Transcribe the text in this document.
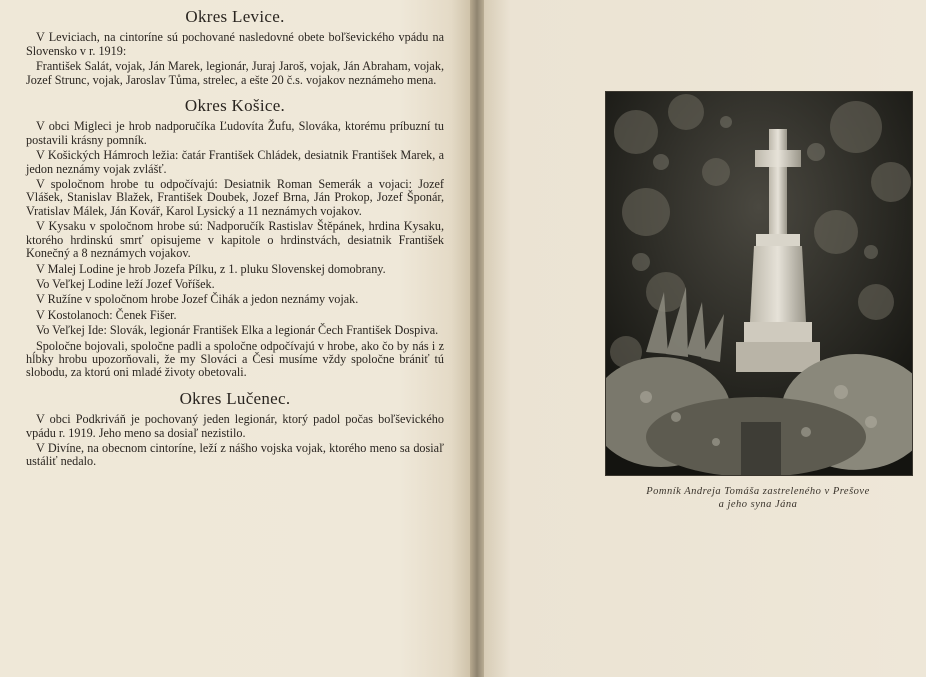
Okres Levice.

V Leviciach, na cintoríne sú pochované nasledovné obete boľševického vpádu na Slovensko v r. 1919:

František Salát, vojak, Ján Marek, legionár, Juraj Jaroš, vojak, Ján Abraham, vojak, Jozef Strunc, vojak, Jaroslav Tůma, strelec, a ešte 20 č.s. vojakov neznámeho mena.

Okres Košice.

V obci Migleci je hrob nadporučíka Ľudovíta Žufu, Slováka, ktorému príbuzní tu postavili krásny pomník.

V Košických Hámroch ležia: čatár František Chládek, desiatnik František Marek, a jedon neznámy vojak zvlášť.

V spoločnom hrobe tu odpočívajú: Desiatnik Roman Semerák a vojaci: Jozef Vlášek, Stanislav Blažek, František Doubek, Jozef Brna, Ján Prokop, Jozef Šponár, Vratislav Málek, Ján Kovář, Karol Lysický a 11 neznámych vojakov.

V Kysaku v spoločnom hrobe sú: Nadporučík Rastislav Štěpánek, hrdina Kysaku, ktorého hrdinskú smrť opisujeme v kapitole o hrdinstvách, desiatnik František Konečný a 8 neznámych vojakov.

V Malej Lodine je hrob Jozefa Pílku, z 1. pluku Slovenskej domobrany.

Vo Veľkej Lodine leží Jozef Voříšek.

V Ružíne v spoločnom hrobe Jozef Čihák a jedon neznámy vojak.

V Kostolanoch: Čenek Fišer.

Vo Veľkej Ide: Slovák, legionár František Elka a legionár Čech František Dospiva.

Spoločne bojovali, spoločne padli a spoločne odpočívajú v hrobe, ako čo by nás i z hĺbky hrobu upozorňovali, že my Slováci a Česi musíme vždy spoločne brániť tú slobodu, za ktorú oni mladé životy obetovali.

Okres Lučenec.

V obci Podkriváň je pochovaný jeden legionár, ktorý padol počas boľševického vpádu r. 1919. Jeho meno sa dosiaľ nezistilo.

V Divíne, na obecnom cintoríne, leží z nášho vojska vojak, ktorého meno sa dosiaľ ustáliť nedalo.

Pomník Andreja Tomáša zastreleného v Prešove
a jeho syna Jána
